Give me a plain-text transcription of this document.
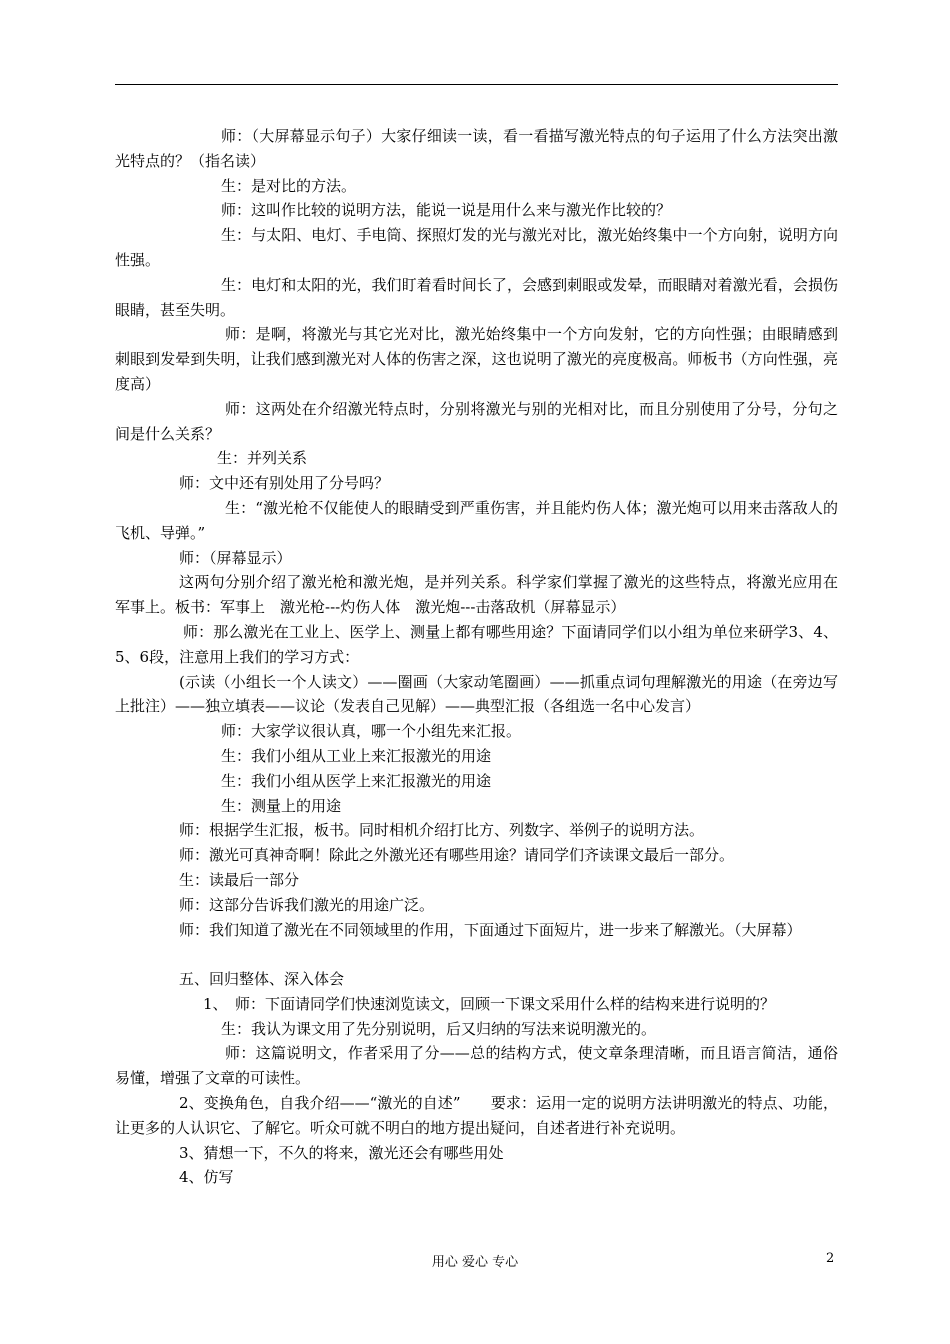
师：（大屏幕显示句子）大家仔细读一读，看一看描写激光特点的句子运用了什么方法突出激光特点的？（指名读）

生：是对比的方法。

师：这叫作比较的说明方法，能说一说是用什么来与激光作比较的？

生：与太阳、电灯、手电筒、探照灯发的光与激光对比，激光始终集中一个方向射，说明方向性强。

生：电灯和太阳的光，我们盯着看时间长了，会感到刺眼或发晕，而眼睛对着激光看，会损伤眼睛，甚至失明。

师：是啊，将激光与其它光对比，激光始终集中一个方向发射，它的方向性强；由眼睛感到刺眼到发晕到失明，让我们感到激光对人体的伤害之深，这也说明了激光的亮度极高。师板书（方向性强，亮度高）

师：这两处在介绍激光特点时，分别将激光与别的光相对比，而且分别使用了分号，分句之间是什么关系？

生：并列关系

师：文中还有别处用了分号吗？

生：“激光枪不仅能使人的眼睛受到严重伤害，并且能灼伤人体；激光炮可以用来击落敌人的飞机、导弹。”

师：（屏幕显示）

这两句分别介绍了激光枪和激光炮，是并列关系。科学家们掌握了激光的这些特点，将激光应用在军事上。板书：军事上　激光枪---灼伤人体　激光炮---击落敌机（屏幕显示）

师：那么激光在工业上、医学上、测量上都有哪些用途？下面请同学们以小组为单位来研学3、4、5、6段，注意用上我们的学习方式：

(示读（小组长一个人读文）——圈画（大家动笔圈画）——抓重点词句理解激光的用途（在旁边写上批注）——独立填表——议论（发表自己见解）——典型汇报（各组选一名中心发言）

师：大家学议很认真，哪一个小组先来汇报。

生：我们小组从工业上来汇报激光的用途

生：我们小组从医学上来汇报激光的用途

生：测量上的用途

师：根据学生汇报，板书。同时相机介绍打比方、列数字、举例子的说明方法。

师：激光可真神奇啊！除此之外激光还有哪些用途？请同学们齐读课文最后一部分。

生：读最后一部分

师：这部分告诉我们激光的用途广泛。

师：我们知道了激光在不同领域里的作用，下面通过下面短片，进一步来了解激光。（大屏幕）

五、回归整体、深入体会

1、　师：下面请同学们快速浏览读文，回顾一下课文采用什么样的结构来进行说明的？

生：我认为课文用了先分别说明，后又归纳的写法来说明激光的。

师：这篇说明文，作者采用了分——总的结构方式，使文章条理清晰，而且语言简洁，通俗易懂，增强了文章的可读性。

2、变换角色，自我介绍——“激光的自述”　　要求：运用一定的说明方法讲明激光的特点、功能，让更多的人认识它、了解它。听众可就不明白的地方提出疑问，自述者进行补充说明。

3、猜想一下，不久的将来，激光还会有哪些用处

4、仿写

用心 爱心 专心	2
